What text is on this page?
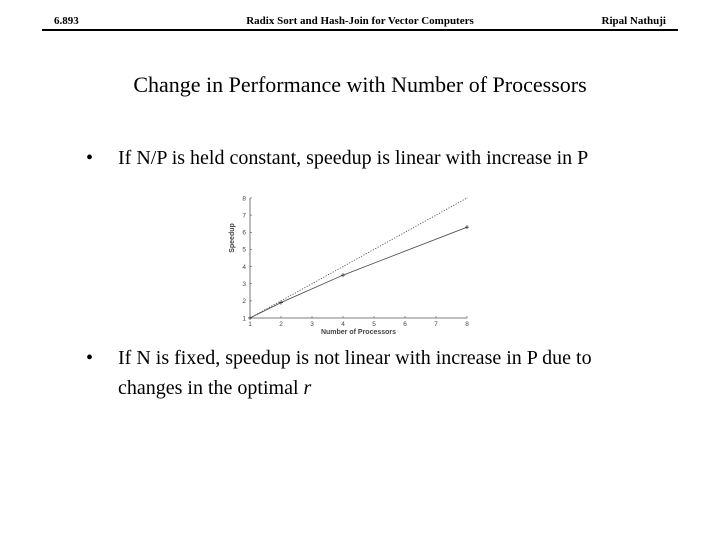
6.893	Radix Sort and Hash-Join for Vector Computers	Ripal Nathuji
Change in Performance with Number of Processors
• If N/P is held constant, speedup is linear with increase in P
1	2	3	4	5	6	7	8
1
2
3
4
5
6
7
8
Number of Processors
Speedup
• If N is fixed, speedup is not linear with increase in P due to changes in the optimal r
